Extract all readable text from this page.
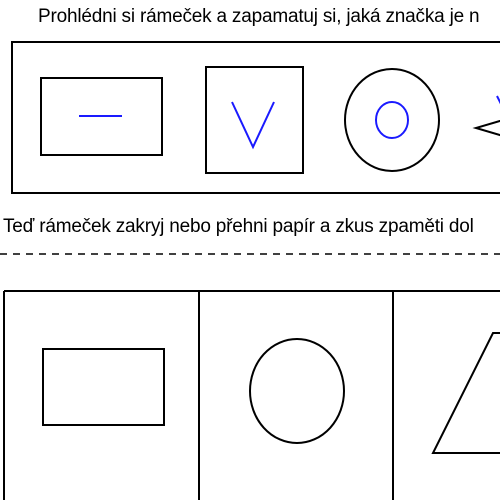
Prohlédni si rámeček a zapamatuj si, jaká značka je n
Teď rámeček zakryj nebo přehni papír a zkus zpaměti dol
